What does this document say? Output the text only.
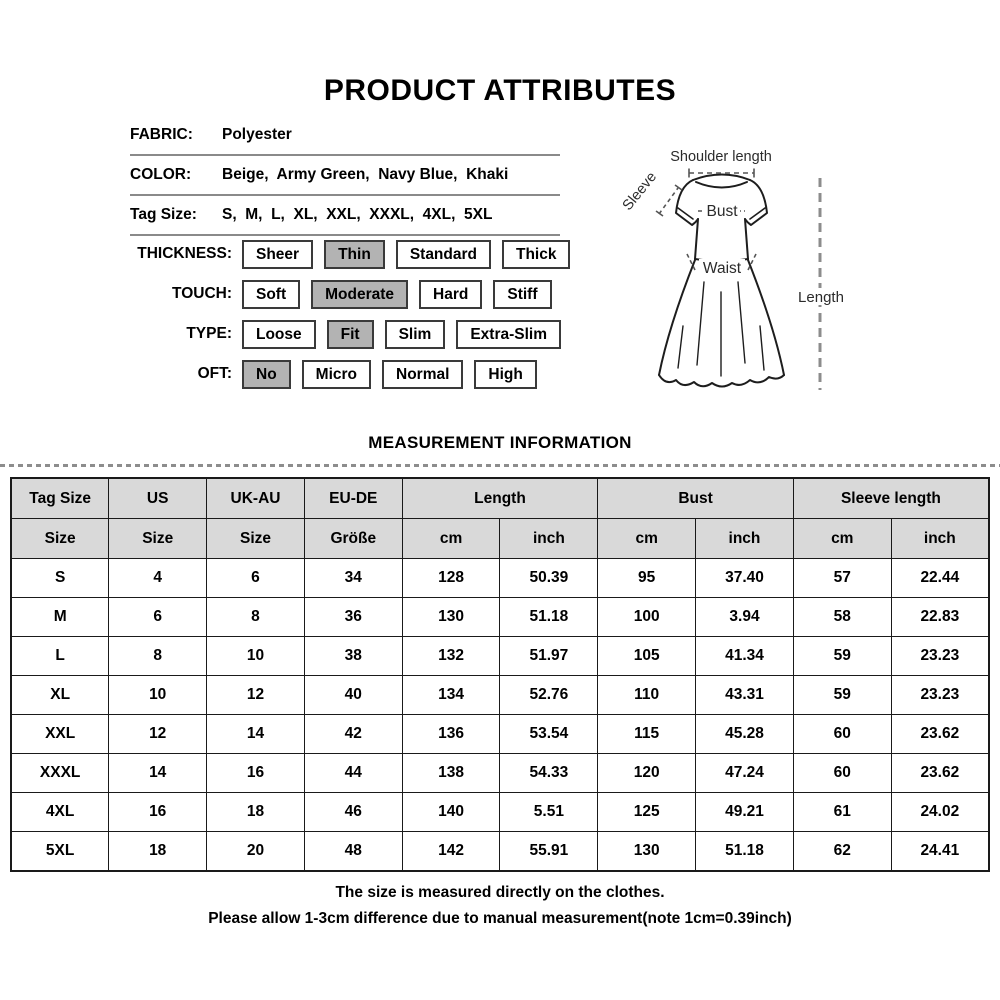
PRODUCT ATTRIBUTES
FABRIC:	Polyester
COLOR:	Beige,  Army Green,  Navy Blue,  Khaki
Tag Size:	S,  M,  L,  XL,  XXL,  XXXL,  4XL,  5XL
THICKNESS:	Sheer	Thin	Standard	Thick
TOUCH:	Soft	Moderate	Hard	Stiff
TYPE:	Loose	Fit	Slim	Extra-Slim
OFT:	No	Micro	Normal	High
Shoulder length
Sleeve	Bust
Waist
Length
MEASUREMENT INFORMATION
Tag Size	US	UK-AU	EU-DE	Length		Bust		Sleeve length	
Size	Size	Size	Größe	cm	inch	cm	inch	cm	inch
S	4	6	34	128	50.39	95	37.40	57	22.44
M	6	8	36	130	51.18	100	3.94	58	22.83
L	8	10	38	132	51.97	105	41.34	59	23.23
XL	10	12	40	134	52.76	110	43.31	59	23.23
XXL	12	14	42	136	53.54	115	45.28	60	23.62
XXXL	14	16	44	138	54.33	120	47.24	60	23.62
4XL	16	18	46	140	5.51	125	49.21	61	24.02
5XL	18	20	48	142	55.91	130	51.18	62	24.41
The size is measured directly on the clothes.
Please allow 1-3cm difference due to manual measurement(note 1cm=0.39inch)
